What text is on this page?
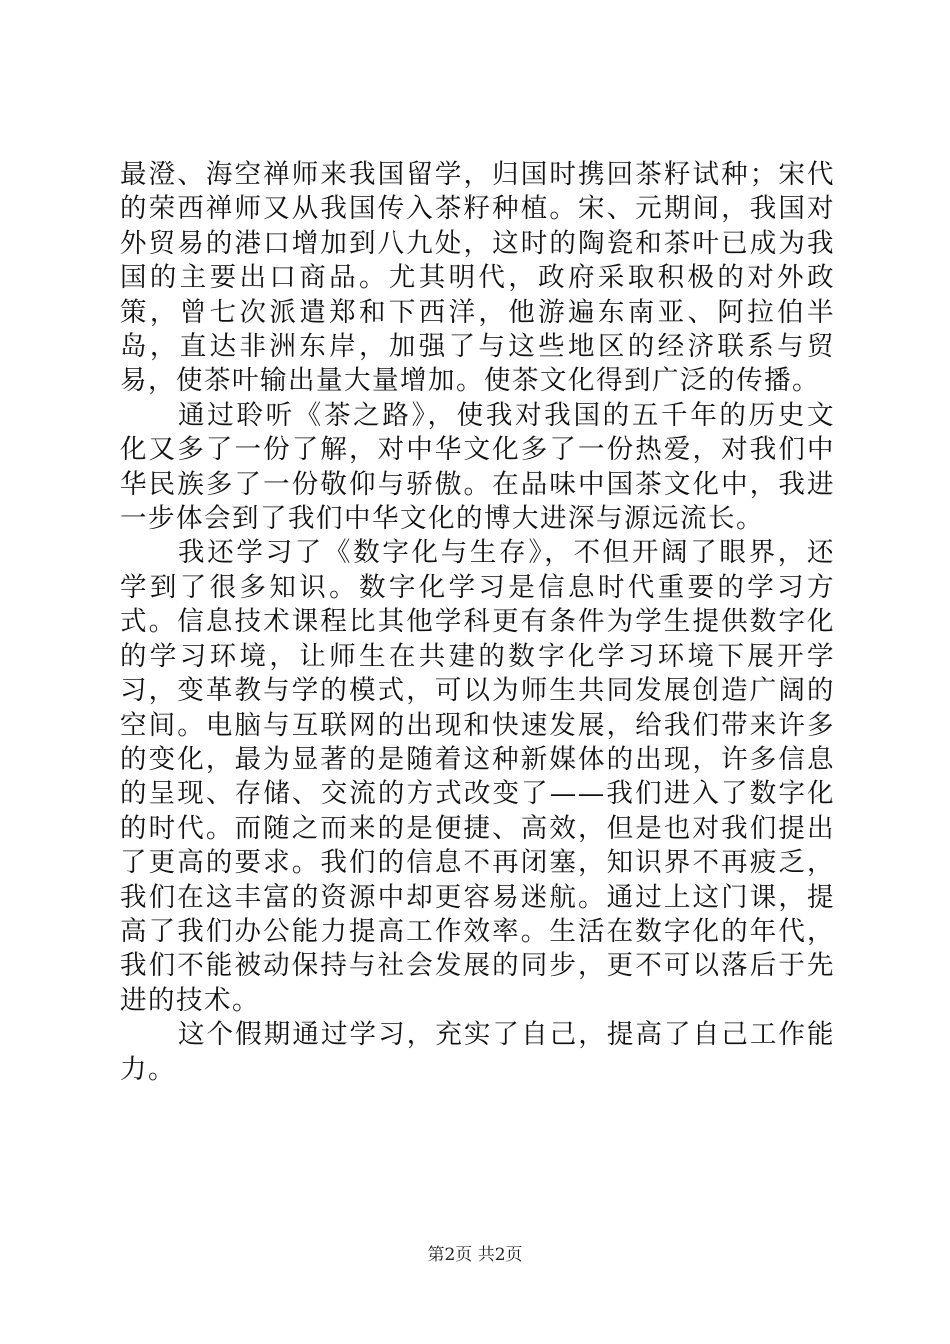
最澄、海空禅师来我国留学，归国时携回茶籽试种；宋代的荣西禅师又从我国传入茶籽种植。宋、元期间，我国对外贸易的港口增加到八九处，这时的陶瓷和茶叶已成为我国的主要出口商品。尤其明代，政府采取积极的对外政策，曾七次派遣郑和下西洋，他游遍东南亚、阿拉伯半岛，直达非洲东岸，加强了与这些地区的经济联系与贸易，使茶叶输出量大量增加。使茶文化得到广泛的传播。

通过聆听《茶之路》，使我对我国的五千年的历史文化又多了一份了解，对中华文化多了一份热爱，对我们中华民族多了一份敬仰与骄傲。在品味中国茶文化中，我进一步体会到了我们中华文化的博大进深与源远流长。

我还学习了《数字化与生存》，不但开阔了眼界，还学到了很多知识。数字化学习是信息时代重要的学习方式。信息技术课程比其他学科更有条件为学生提供数字化的学习环境，让师生在共建的数字化学习环境下展开学习，变革教与学的模式，可以为师生共同发展创造广阔的空间。电脑与互联网的出现和快速发展，给我们带来许多的变化，最为显著的是随着这种新媒体的出现，许多信息的呈现、存储、交流的方式改变了——我们进入了数字化的时代。而随之而来的是便捷、高效，但是也对我们提出了更高的要求。我们的信息不再闭塞，知识界不再疲乏，我们在这丰富的资源中却更容易迷航。通过上这门课，提高了我们办公能力提高工作效率。生活在数字化的年代，我们不能被动保持与社会发展的同步，更不可以落后于先进的技术。

这个假期通过学习，充实了自己，提高了自己工作能力。

第2页 共2页
